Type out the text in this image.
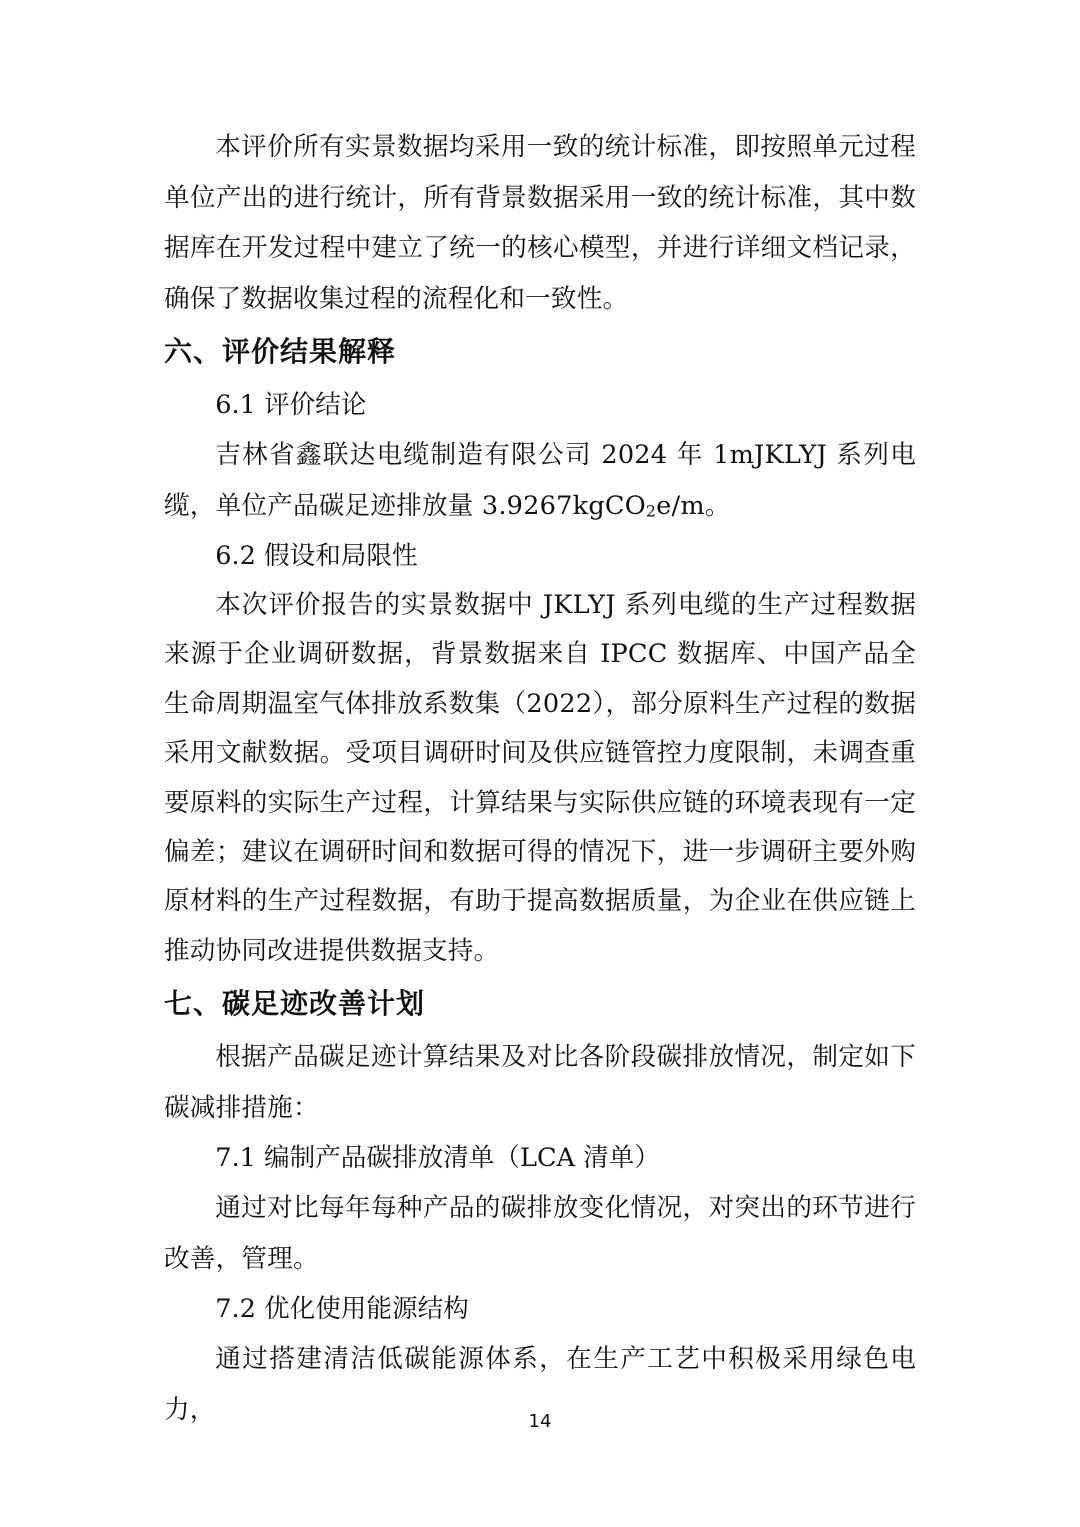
本评价所有实景数据均采用一致的统计标准，即按照单元过程单位产出的进行统计，所有背景数据采用一致的统计标准，其中数据库在开发过程中建立了统一的核心模型，并进行详细文档记录，确保了数据收集过程的流程化和一致性。

六、评价结果解释

6.1 评价结论

吉林省鑫联达电缆制造有限公司 2024 年 1mJKLYJ 系列电缆，单位产品碳足迹排放量 3.9267kgCO2e/m。

6.2 假设和局限性

本次评价报告的实景数据中 JKLYJ 系列电缆的生产过程数据来源于企业调研数据，背景数据来自 IPCC 数据库、中国产品全生命周期温室气体排放系数集（2022），部分原料生产过程的数据采用文献数据。受项目调研时间及供应链管控力度限制，未调查重要原料的实际生产过程，计算结果与实际供应链的环境表现有一定偏差；建议在调研时间和数据可得的情况下，进一步调研主要外购原材料的生产过程数据，有助于提高数据质量，为企业在供应链上推动协同改进提供数据支持。

七、碳足迹改善计划

根据产品碳足迹计算结果及对比各阶段碳排放情况，制定如下碳减排措施：

7.1 编制产品碳排放清单（LCA 清单）

通过对比每年每种产品的碳排放变化情况，对突出的环节进行改善，管理。

7.2 优化使用能源结构

通过搭建清洁低碳能源体系，在生产工艺中积极采用绿色电力，	14
